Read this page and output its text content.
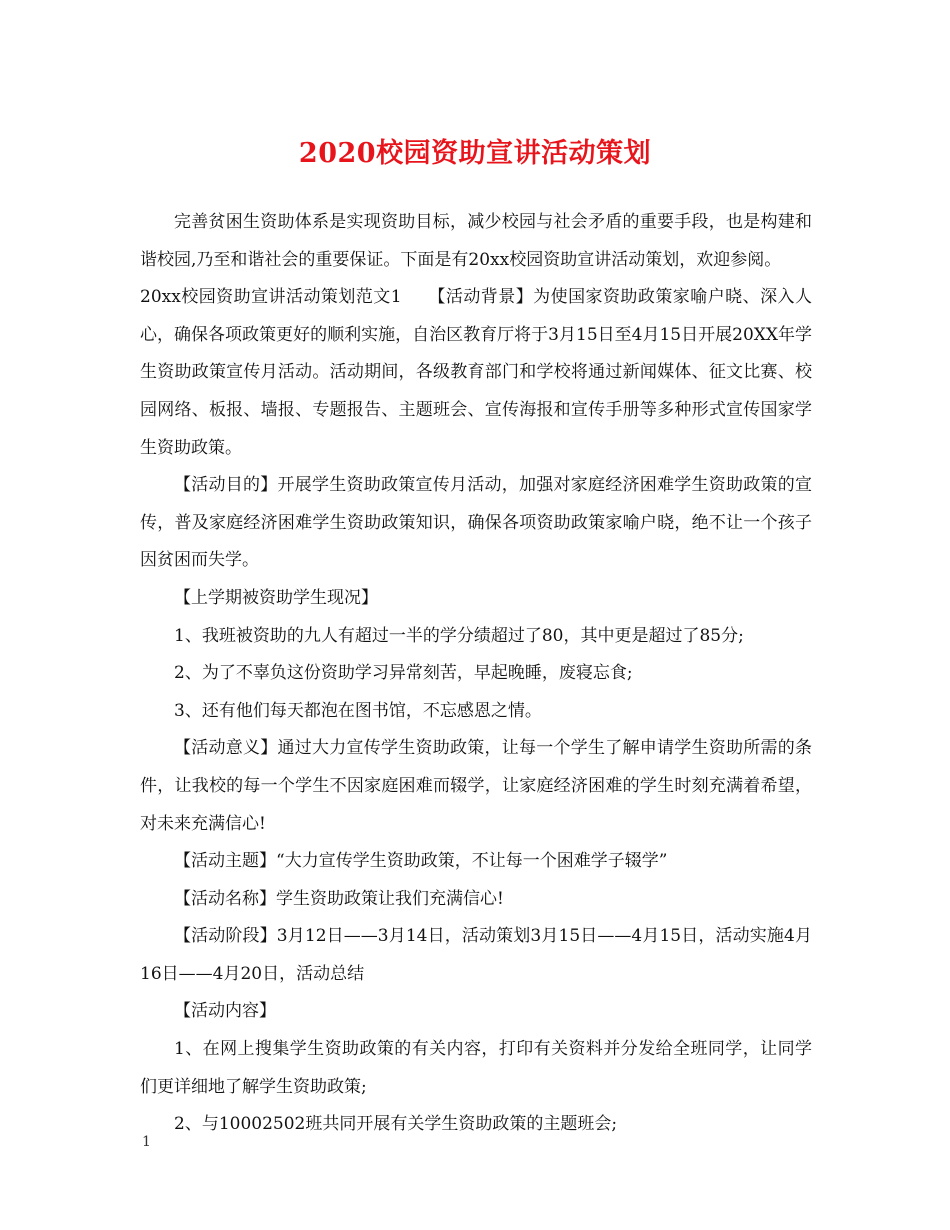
2020校园资助宣讲活动策划

完善贫困生资助体系是实现资助目标，减少校园与社会矛盾的重要手段，也是构建和谐校园,乃至和谐社会的重要保证。下面是有20xx校园资助宣讲活动策划，欢迎参阅。

20xx校园资助宣讲活动策划范文1　　【活动背景】为使国家资助政策家喻户晓、深入人心，确保各项政策更好的顺利实施，自治区教育厅将于3月15日至4月15日开展20XX年学生资助政策宣传月活动。活动期间，各级教育部门和学校将通过新闻媒体、征文比赛、校园网络、板报、墙报、专题报告、主题班会、宣传海报和宣传手册等多种形式宣传国家学生资助政策。

【活动目的】开展学生资助政策宣传月活动，加强对家庭经济困难学生资助政策的宣传，普及家庭经济困难学生资助政策知识，确保各项资助政策家喻户晓，绝不让一个孩子因贫困而失学。

【上学期被资助学生现况】

1、我班被资助的九人有超过一半的学分绩超过了80，其中更是超过了85分;

2、为了不辜负这份资助学习异常刻苦，早起晚睡，废寝忘食;

3、还有他们每天都泡在图书馆，不忘感恩之情。

【活动意义】通过大力宣传学生资助政策，让每一个学生了解申请学生资助所需的条件，让我校的每一个学生不因家庭困难而辍学，让家庭经济困难的学生时刻充满着希望，对未来充满信心!

【活动主题】“大力宣传学生资助政策，不让每一个困难学子辍学”

【活动名称】学生资助政策让我们充满信心!

【活动阶段】3月12日——3月14日，活动策划3月15日——4月15日，活动实施4月16日——4月20日，活动总结

【活动内容】

1、在网上搜集学生资助政策的有关内容，打印有关资料并分发给全班同学，让同学们更详细地了解学生资助政策;

2、与10002502班共同开展有关学生资助政策的主题班会;

1
